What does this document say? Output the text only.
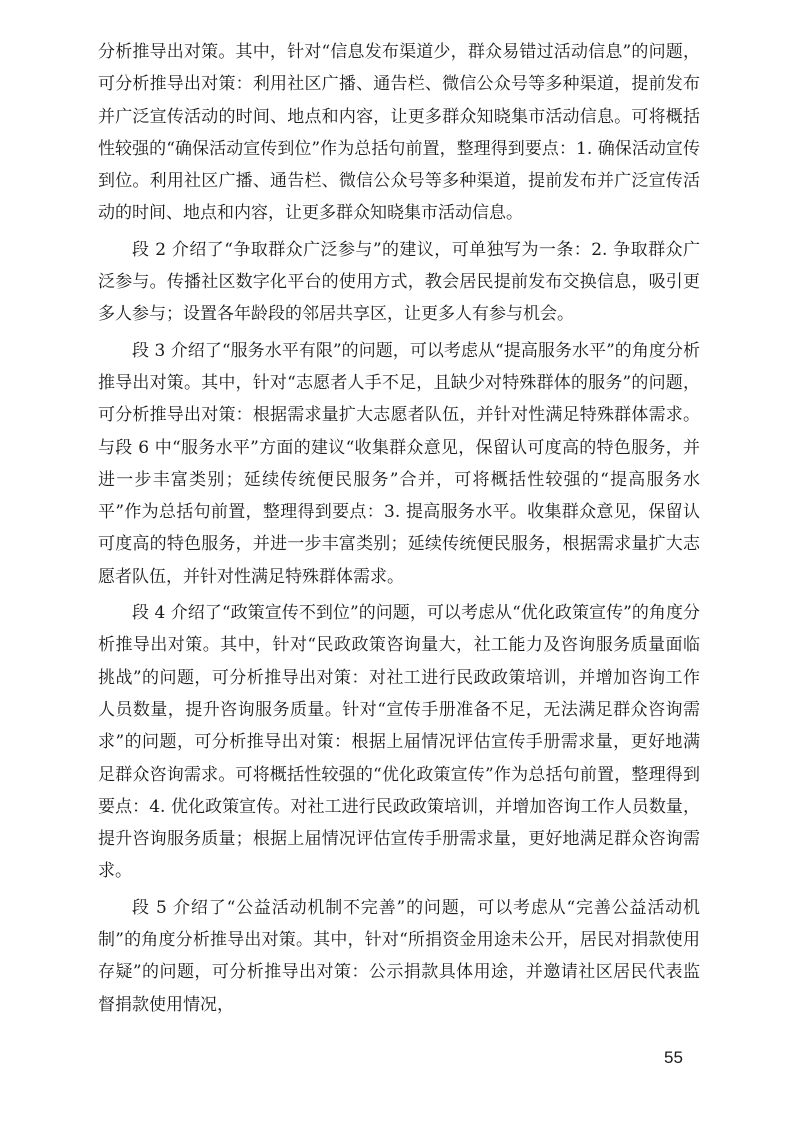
分析推导出对策。其中，针对“信息发布渠道少，群众易错过活动信息”的问题，可分析推导出对策：利用社区广播、通告栏、微信公众号等多种渠道，提前发布并广泛宣传活动的时间、地点和内容，让更多群众知晓集市活动信息。可将概括性较强的“确保活动宣传到位”作为总括句前置，整理得到要点：1. 确保活动宣传到位。利用社区广播、通告栏、微信公众号等多种渠道，提前发布并广泛宣传活动的时间、地点和内容，让更多群众知晓集市活动信息。

段 2 介绍了“争取群众广泛参与”的建议，可单独写为一条：2. 争取群众广泛参与。传播社区数字化平台的使用方式，教会居民提前发布交换信息，吸引更多人参与；设置各年龄段的邻居共享区，让更多人有参与机会。

段 3 介绍了“服务水平有限”的问题，可以考虑从“提高服务水平”的角度分析推导出对策。其中，针对“志愿者人手不足，且缺少对特殊群体的服务”的问题，可分析推导出对策：根据需求量扩大志愿者队伍，并针对性满足特殊群体需求。与段 6 中“服务水平”方面的建议“收集群众意见，保留认可度高的特色服务，并进一步丰富类别；延续传统便民服务”合并，可将概括性较强的“提高服务水平”作为总括句前置，整理得到要点：3. 提高服务水平。收集群众意见，保留认可度高的特色服务，并进一步丰富类别；延续传统便民服务，根据需求量扩大志愿者队伍，并针对性满足特殊群体需求。

段 4 介绍了“政策宣传不到位”的问题，可以考虑从“优化政策宣传”的角度分析推导出对策。其中，针对“民政政策咨询量大，社工能力及咨询服务质量面临挑战”的问题，可分析推导出对策：对社工进行民政政策培训，并增加咨询工作人员数量，提升咨询服务质量。针对“宣传手册准备不足，无法满足群众咨询需求”的问题，可分析推导出对策：根据上届情况评估宣传手册需求量，更好地满足群众咨询需求。可将概括性较强的“优化政策宣传”作为总括句前置，整理得到要点：4. 优化政策宣传。对社工进行民政政策培训，并增加咨询工作人员数量，提升咨询服务质量；根据上届情况评估宣传手册需求量，更好地满足群众咨询需求。

段 5 介绍了“公益活动机制不完善”的问题，可以考虑从“完善公益活动机制”的角度分析推导出对策。其中，针对“所捐资金用途未公开，居民对捐款使用存疑”的问题，可分析推导出对策：公示捐款具体用途，并邀请社区居民代表监督捐款使用情况，

55
